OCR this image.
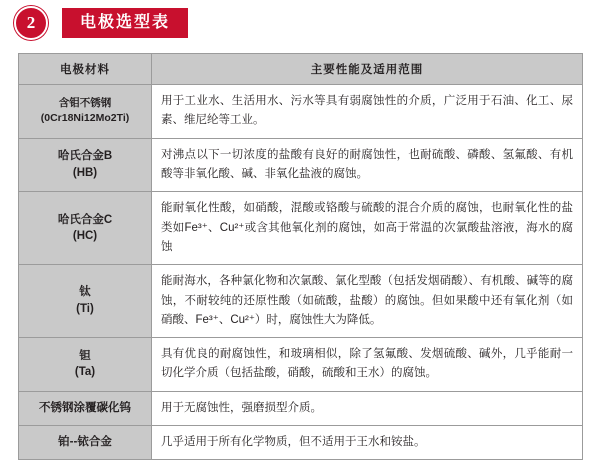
2	电极选型表
电极材料	主要性能及适用范围

含钼不锈钢
(0Cr18Ni12Mo2Ti)	用于工业水、生活用水、污水等具有弱腐蚀性的介质，广泛用于石油、化工、尿素、维尼纶等工业。

哈氏合金B
(HB)	对沸点以下一切浓度的盐酸有良好的耐腐蚀性，也耐硫酸、磷酸、氢氟酸、有机酸等非氧化酸、碱、非氧化盐液的腐蚀。

哈氏合金C
(HC)	能耐氧化性酸，如硝酸，混酸或铬酸与硫酸的混合介质的腐蚀，也耐氧化性的盐类如Fe³⁺、Cu²⁺或含其他氧化剂的腐蚀，如高于常温的次氯酸盐溶液，海水的腐蚀

钛
(Ti)	能耐海水，各种氯化物和次氯酸、氯化型酸（包括发烟硝酸）、有机酸、碱等的腐蚀，不耐较纯的还原性酸（如硫酸，盐酸）的腐蚀。但如果酸中还有氧化剂（如硝酸、Fe³⁺、Cu²⁺）时，腐蚀性大为降低。

钽
(Ta)	具有优良的耐腐蚀性，和玻璃相似，除了氢氟酸、发烟硫酸、碱外，几乎能耐一切化学介质（包括盐酸，硝酸，硫酸和王水）的腐蚀。

不锈钢涂覆碳化钨	用于无腐蚀性，强磨损型介质。

铂--铱合金	几乎适用于所有化学物质，但不适用于王水和铵盐。
